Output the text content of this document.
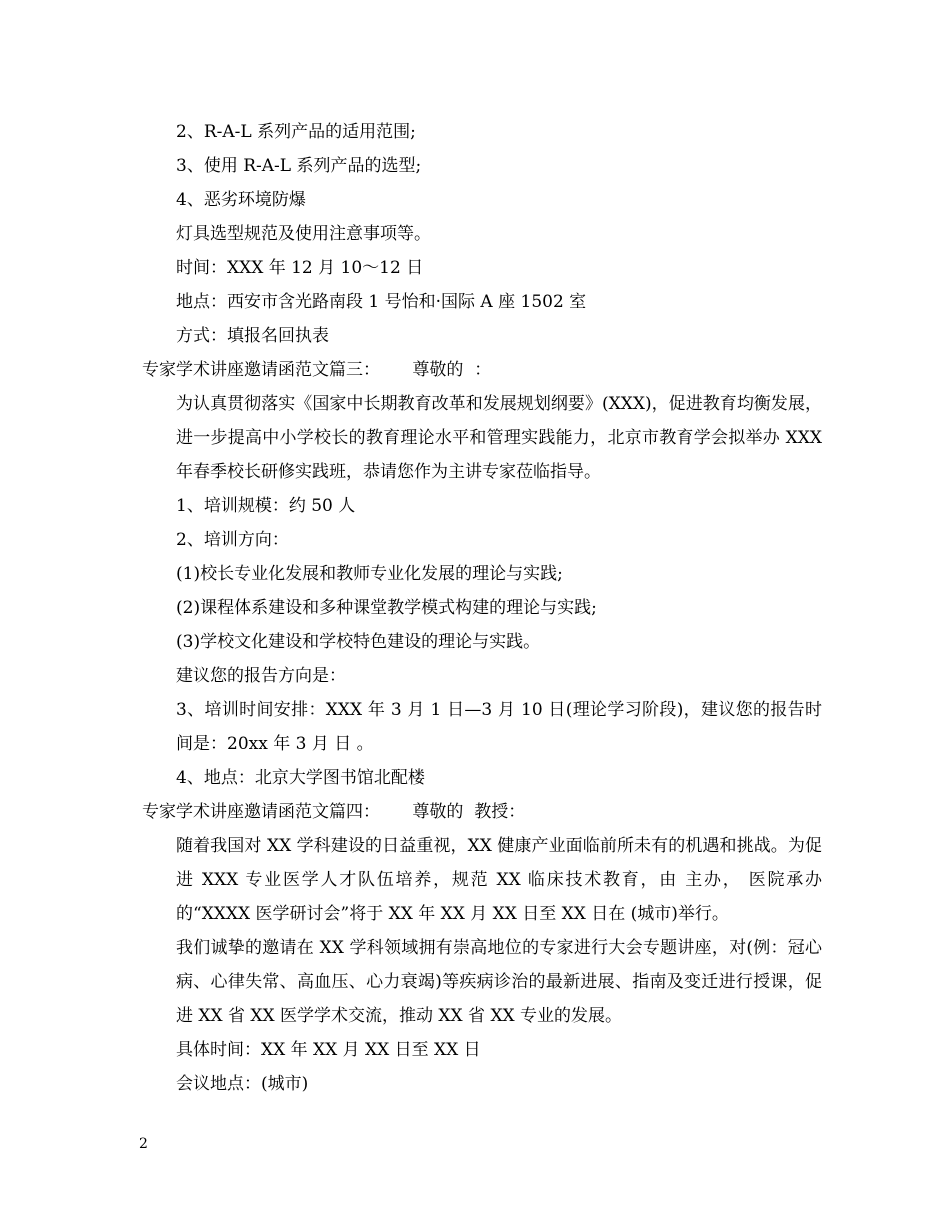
2、R-A-L 系列产品的适用范围;

3、使用 R-A-L 系列产品的选型;

4、恶劣环境防爆

灯具选型规范及使用注意事项等。

时间：XXX 年 12 月 10～12 日

地点：西安市含光路南段 1 号怡和·国际 A 座 1502 室

方式：填报名回执表

专家学术讲座邀请函范文篇三：      尊敬的  ：

为认真贯彻落实《国家中长期教育改革和发展规划纲要》(XXX)，促进教育均衡发展，进一步提高中小学校长的教育理论水平和管理实践能力，北京市教育学会拟举办 XXX 年春季校长研修实践班，恭请您作为主讲专家莅临指导。

1、培训规模：约 50 人

2、培训方向：

(1)校长专业化发展和教师专业化发展的理论与实践;

(2)课程体系建设和多种课堂教学模式构建的理论与实践;

(3)学校文化建设和学校特色建设的理论与实践。

建议您的报告方向是：

3、培训时间安排：XXX 年 3 月 1 日—3 月 10 日(理论学习阶段)，建议您的报告时间是：20xx 年 3 月 日 。

4、地点：北京大学图书馆北配楼

专家学术讲座邀请函范文篇四：      尊敬的  教授：

随着我国对 XX 学科建设的日益重视，XX 健康产业面临前所未有的机遇和挑战。为促进 XXX 专业医学人才队伍培养，规范 XX 临床技术教育，由 主办， 医院承办的“XXXX 医学研讨会”将于 XX 年 XX 月 XX 日至 XX 日在 (城市)举行。

我们诚挚的邀请在 XX 学科领域拥有崇高地位的专家进行大会专题讲座，对(例：冠心病、心律失常、高血压、心力衰竭)等疾病诊治的最新进展、指南及变迁进行授课，促进 XX 省 XX 医学学术交流，推动 XX 省 XX 专业的发展。

具体时间：XX 年 XX 月 XX 日至 XX 日

会议地点：(城市)

2
